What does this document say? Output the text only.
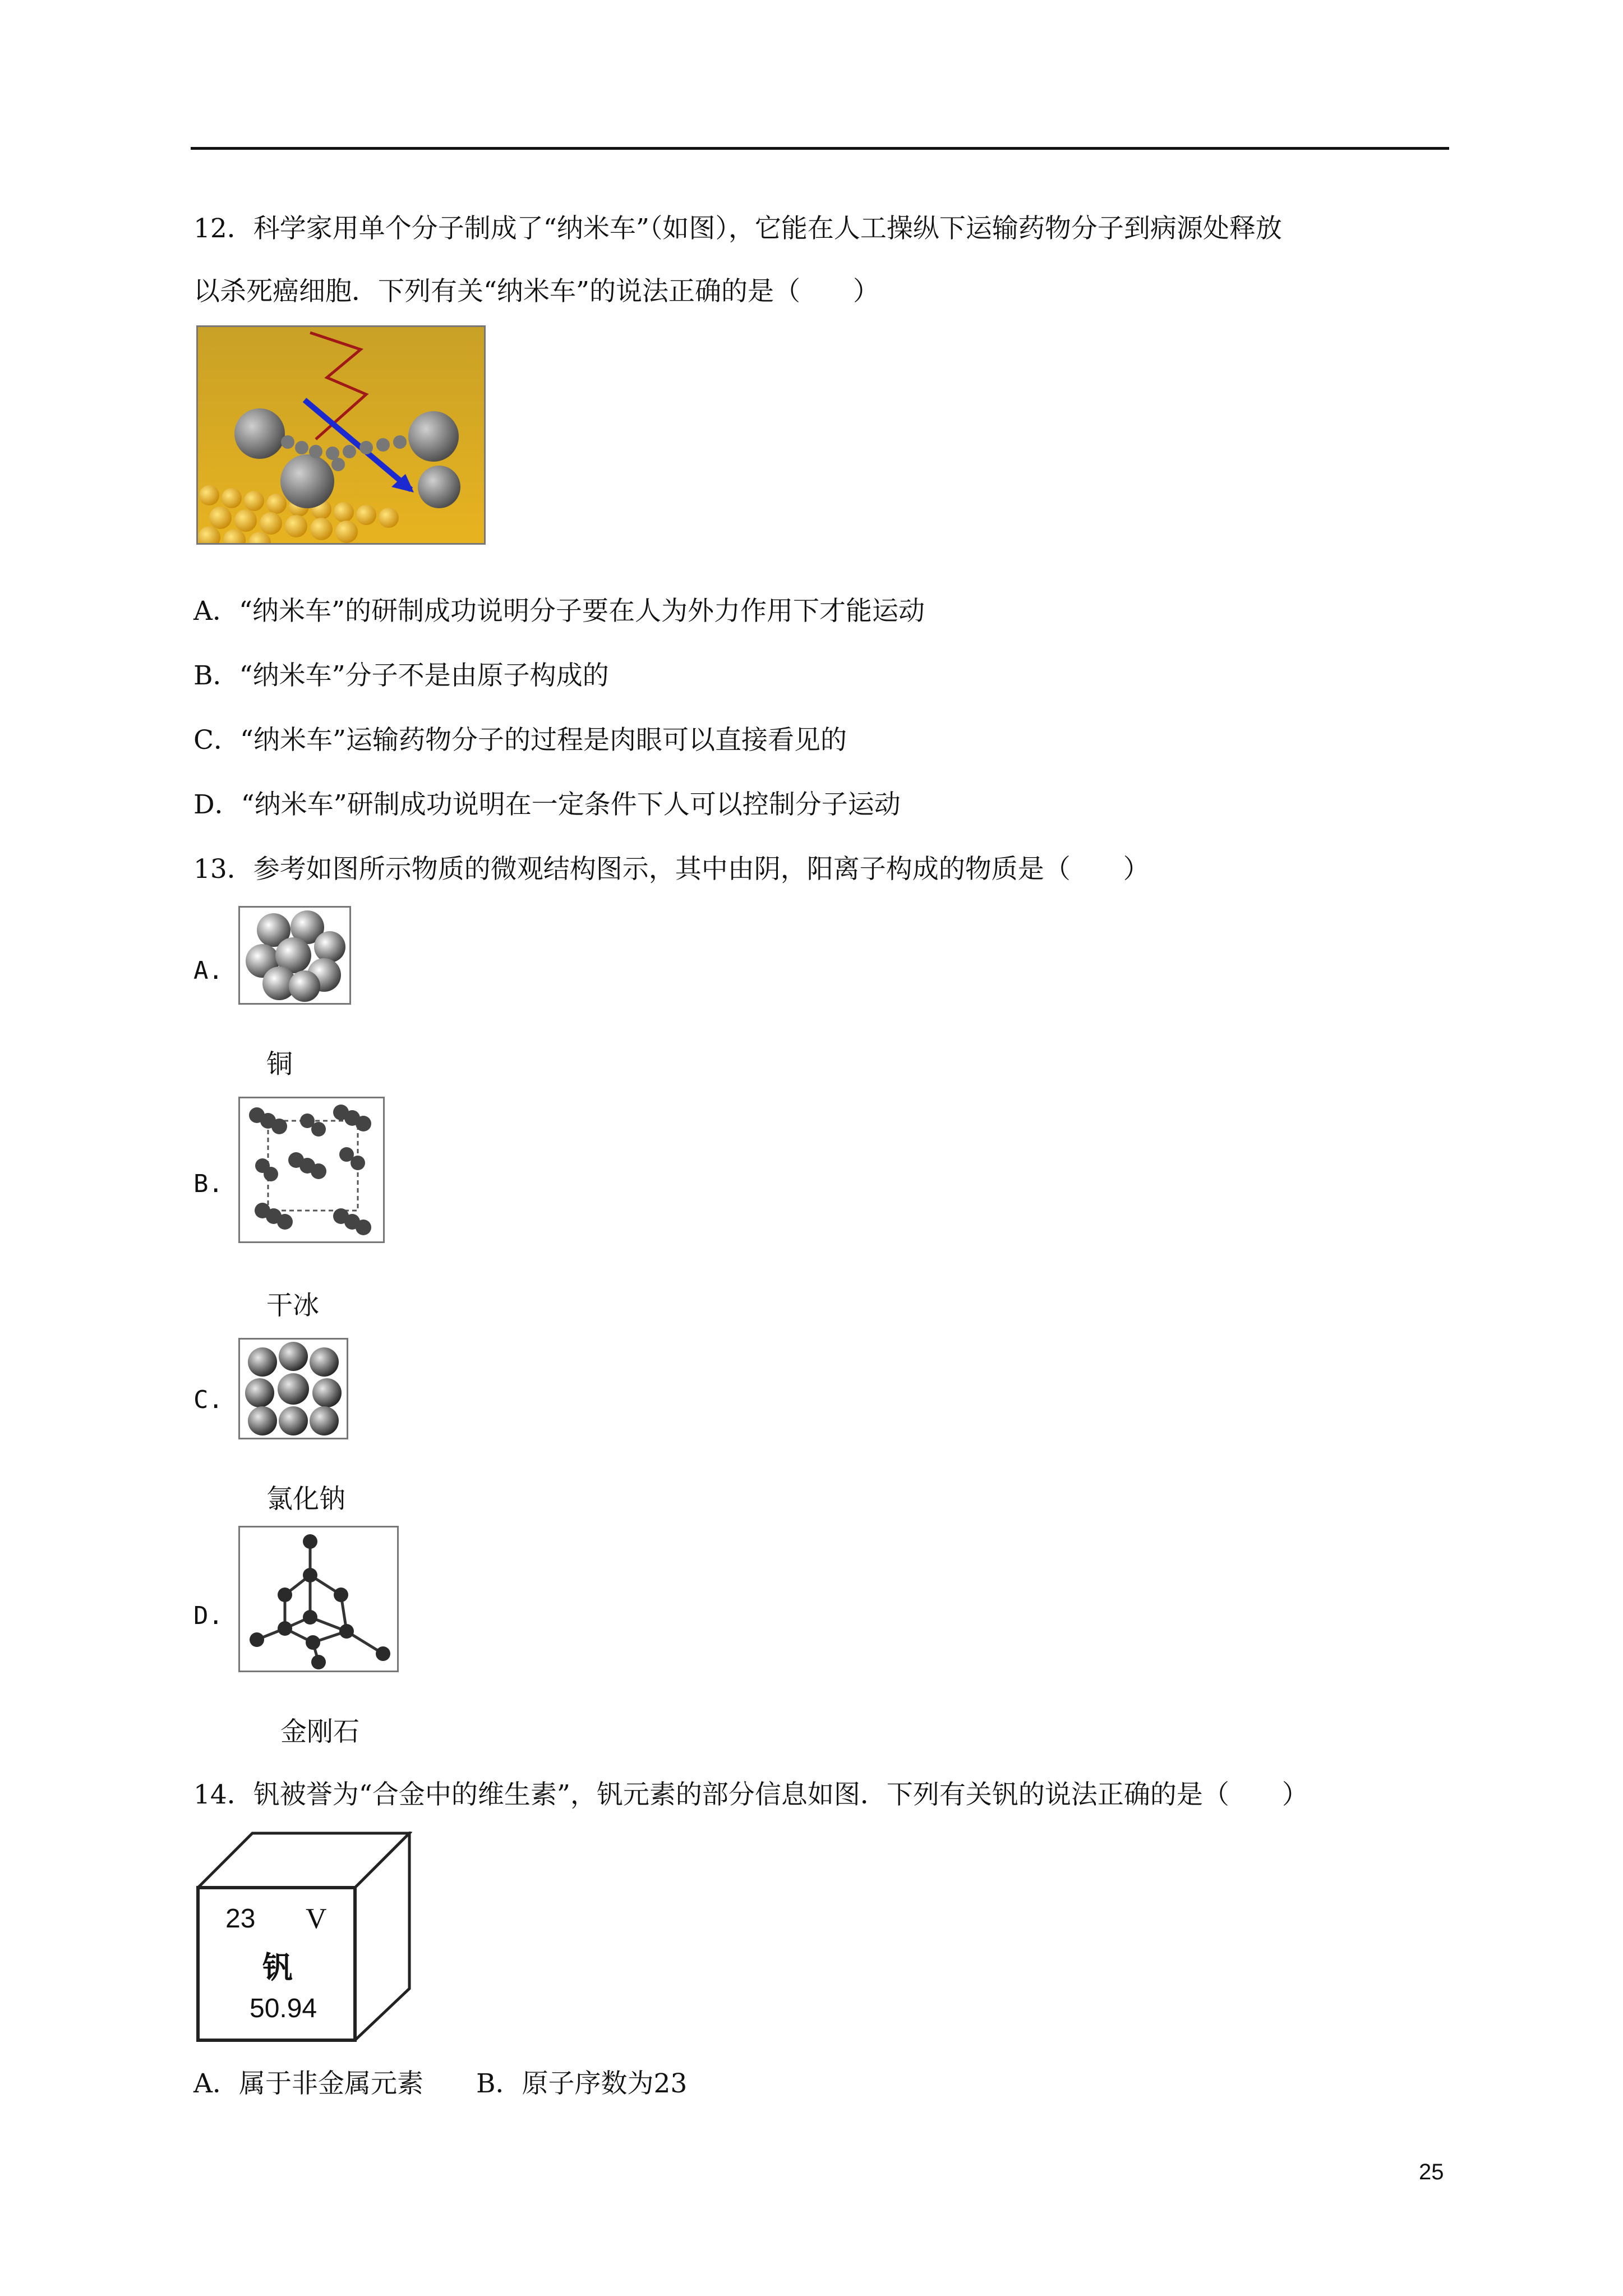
12．科学家用单个分子制成了“纳米车”（如图），它能在人工操纵下运输药物分子到病源处释放
以杀死癌细胞．下列有关“纳米车”的说法正确的是（　　）
A．“纳米车”的研制成功说明分子要在人为外力作用下才能运动
B．“纳米车”分子不是由原子构成的
C．“纳米车”运输药物分子的过程是肉眼可以直接看见的
D．“纳米车”研制成功说明在一定条件下人可以控制分子运动
13．参考如图所示物质的微观结构图示，其中由阴，阳离子构成的物质是（　　）
A.
铜
B.
干冰
C.
氯化钠
D.
金刚石
14．钒被誉为“合金中的维生素”，钒元素的部分信息如图．下列有关钒的说法正确的是（　　）
23 V
钒
50.94
A．属于非金属元素　　B．原子序数为23
25
